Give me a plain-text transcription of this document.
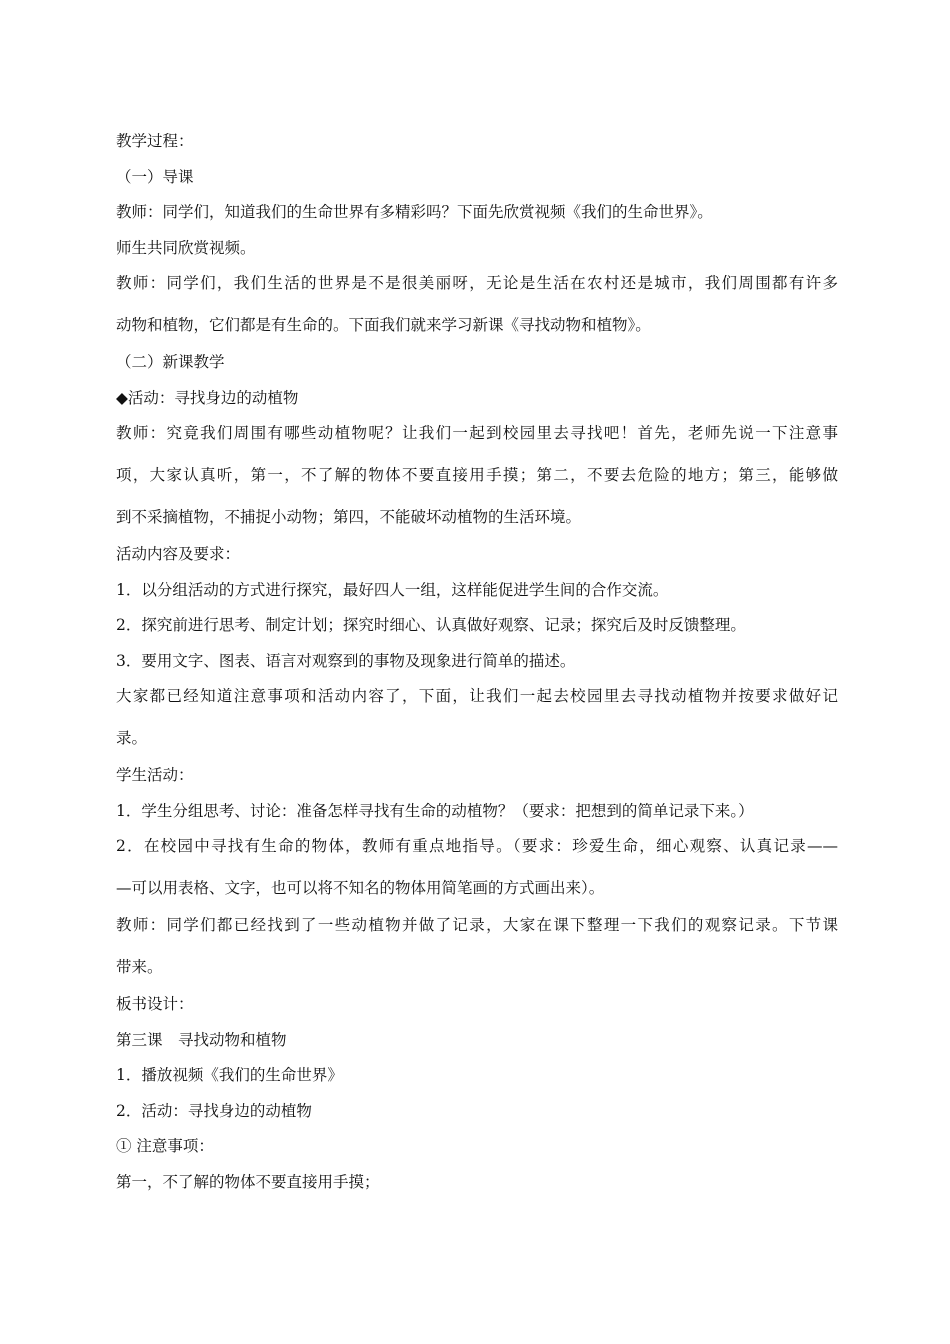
教学过程：
（一）导课
教师：同学们，知道我们的生命世界有多精彩吗？下面先欣赏视频《我们的生命世界》。
师生共同欣赏视频。
教师：同学们，我们生活的世界是不是很美丽呀，无论是生活在农村还是城市，我们周围都有许多
动物和植物，它们都是有生命的。下面我们就来学习新课《寻找动物和植物》。
（二）新课教学
◆活动：寻找身边的动植物
教师：究竟我们周围有哪些动植物呢？让我们一起到校园里去寻找吧！首先，老师先说一下注意事
项，大家认真听，第一，不了解的物体不要直接用手摸；第二，不要去危险的地方；第三，能够做
到不采摘植物，不捕捉小动物；第四，不能破坏动植物的生活环境。
活动内容及要求：
1．以分组活动的方式进行探究，最好四人一组，这样能促进学生间的合作交流。
2．探究前进行思考、制定计划；探究时细心、认真做好观察、记录；探究后及时反馈整理。
3．要用文字、图表、语言对观察到的事物及现象进行简单的描述。
大家都已经知道注意事项和活动内容了，下面，让我们一起去校园里去寻找动植物并按要求做好记
录。
学生活动：
1．学生分组思考、讨论：准备怎样寻找有生命的动植物？（要求：把想到的简单记录下来。）
2．在校园中寻找有生命的物体，教师有重点地指导。（要求：珍爱生命，细心观察、认真记录——
—可以用表格、文字，也可以将不知名的物体用简笔画的方式画出来）。
教师：同学们都已经找到了一些动植物并做了记录，大家在课下整理一下我们的观察记录。下节课
带来。
板书设计：
第三课　寻找动物和植物
1．播放视频《我们的生命世界》
2．活动：寻找身边的动植物
① 注意事项：
第一，不了解的物体不要直接用手摸；
